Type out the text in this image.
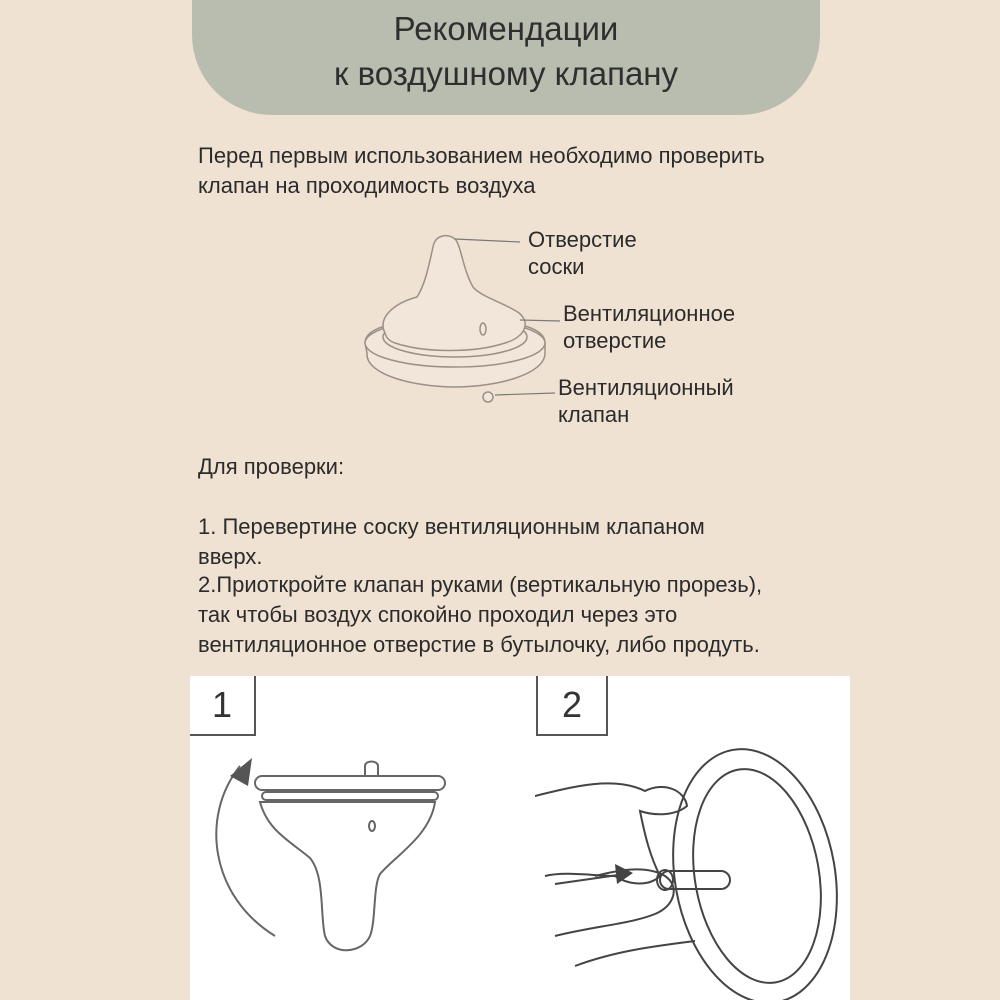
Рекомендации
к воздушному клапану
Перед первым использованием необходимо проверить
клапан на проходимость воздуха
Отверстие
соски
Вентиляционное
отверстие
Вентиляционный
клапан
Для проверки:
1. Перевертине соску вентиляционным клапаном
вверх.
2.Приоткройте клапан руками (вертикальную прорезь),
так чтобы воздух спокойно проходил через это
вентиляционное отверстие в бутылочку, либо продуть.
1	2
